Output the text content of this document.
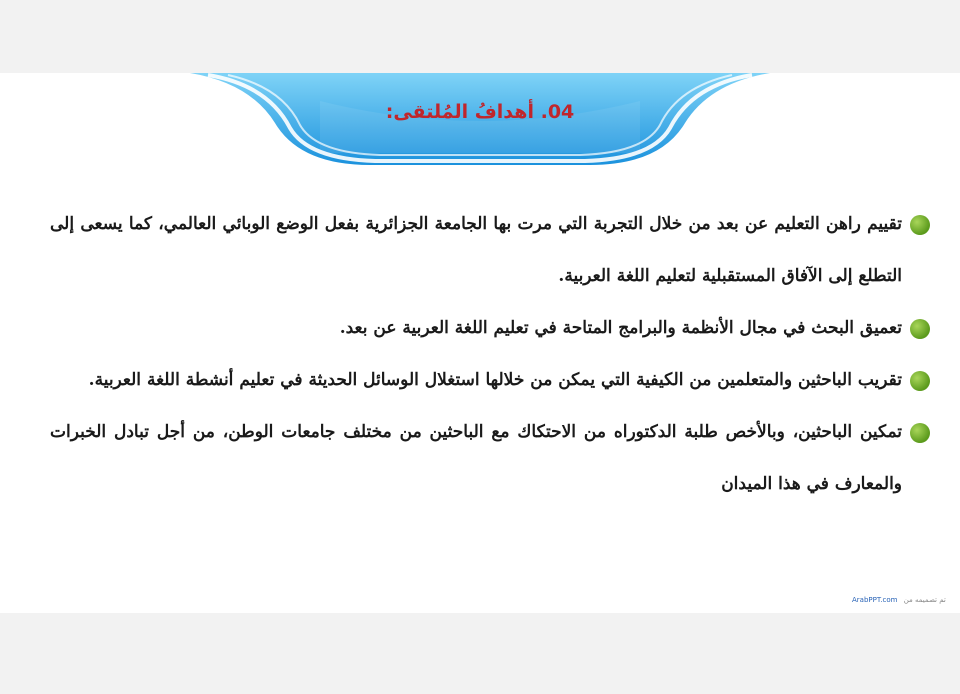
04. أهدافُ المُلتقى:
تقييم راهن التعليم عن بعد من خلال التجربة التي مرت بها الجامعة الجزائرية بفعل الوضع الوبائي العالمي، كما يسعى إلى التطلع إلى الآفاق المستقبلية لتعليم اللغة العربية.
تعميق البحث في مجال الأنظمة والبرامج المتاحة في تعليم اللغة العربية عن بعد.
تقريب الباحثين والمتعلمين من الكيفية التي يمكن من خلالها استغلال الوسائل الحديثة في تعليم أنشطة اللغة العربية.
تمكين الباحثين، وبالأخص طلبة الدكتوراه من الاحتكاك مع الباحثين من مختلف جامعات الوطن، من أجل تبادل الخبرات والمعارف في هذا الميدان
ArabPPT.com تم تصميمه من
